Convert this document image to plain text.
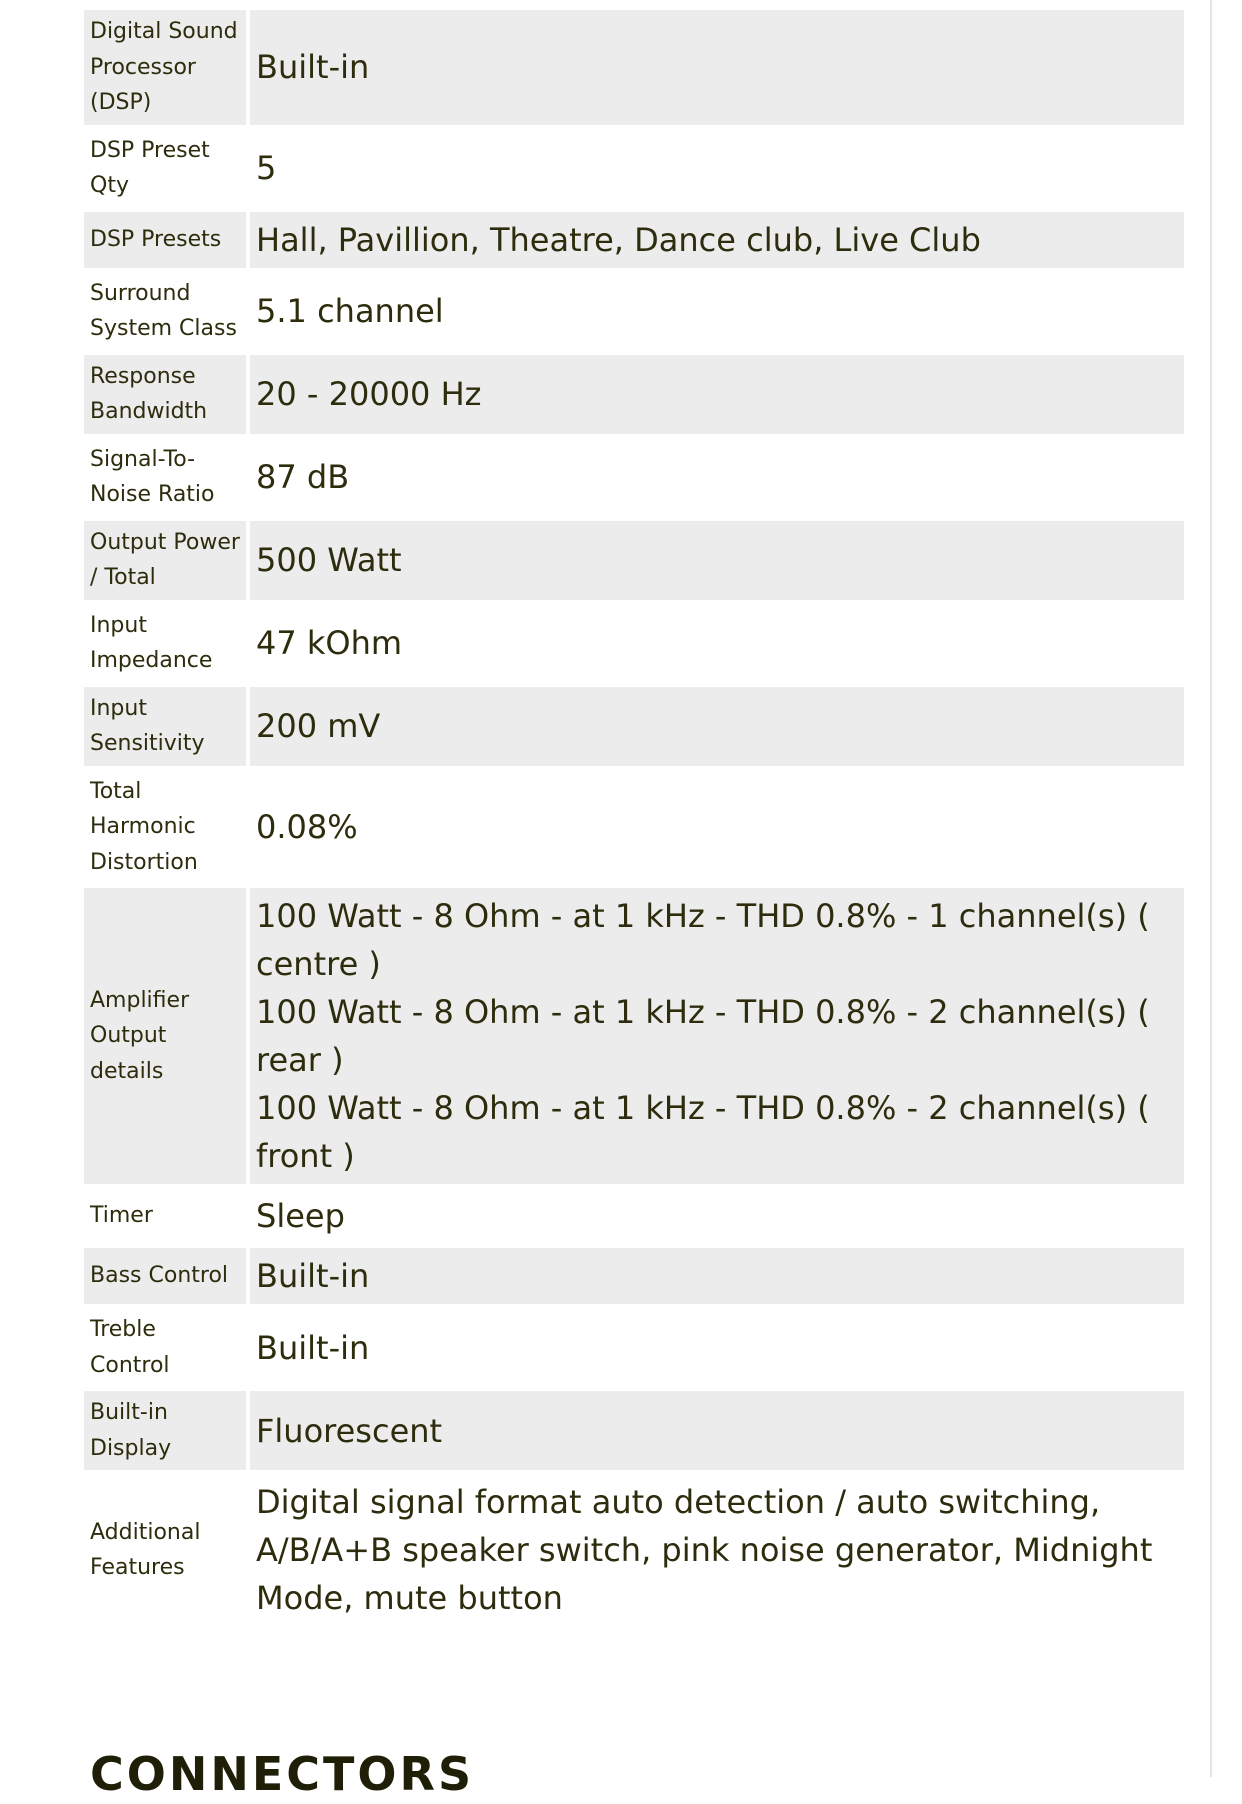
Digital Sound Processor (DSP)	Built-in
DSP Preset Qty	5
DSP Presets	Hall, Pavillion, Theatre, Dance club, Live Club
Surround System Class	5.1 channel
Response Bandwidth	20 - 20000 Hz
Signal-To-Noise Ratio	87 dB
Output Power / Total	500 Watt
Input Impedance	47 kOhm
Input Sensitivity	200 mV
Total Harmonic Distortion	0.08%
Amplifier Output details	100 Watt - 8 Ohm - at 1 kHz - THD 0.8% - 1 channel(s) ( centre )
100 Watt - 8 Ohm - at 1 kHz - THD 0.8% - 2 channel(s) ( rear )
100 Watt - 8 Ohm - at 1 kHz - THD 0.8% - 2 channel(s) ( front )

Timer	Sleep
Bass Control	Built-in
Treble Control	Built-in
Built-in Display	Fluorescent
Additional Features	Digital signal format auto detection / auto switching, A/B/A+B speaker switch, pink noise generator, Midnight Mode, mute button
CONNECTORS
